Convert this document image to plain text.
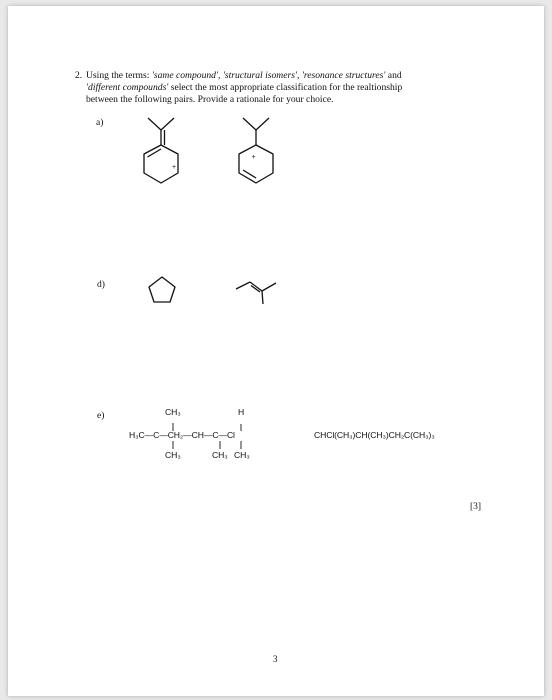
2. Using the terms: 'same compound', 'structural isomers', 'resonance structures' and
'different compounds' select the most appropriate classification for the realtionship
between the following pairs. Provide a rationale for your choice.
a)
+
+
d)
e)	CH₃	H
H₃C—C—CH₂—CH—C—Cl
CH₃	CH₃ CH₃
CHCl(CH₃)CH(CH₃)CH₂C(CH₃)₃
[3]
3
